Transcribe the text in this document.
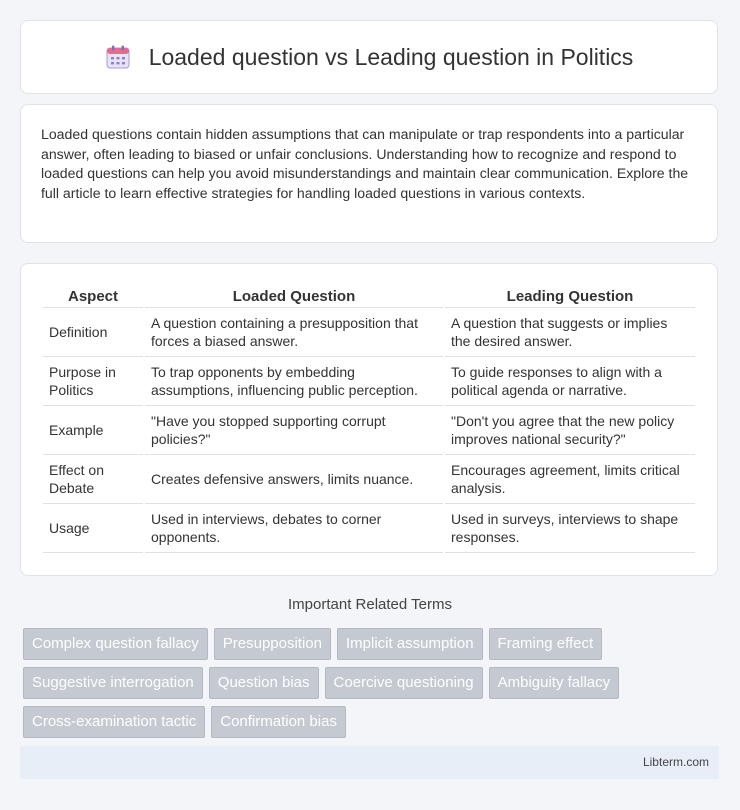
Loaded question vs Leading question in Politics

Loaded questions contain hidden assumptions that can manipulate or trap respondents into a particular answer, often leading to biased or unfair conclusions. Understanding how to recognize and respond to loaded questions can help you avoid misunderstandings and maintain clear communication. Explore the full article to learn effective strategies for handling loaded questions in various contexts.

Aspect	Loaded Question	Leading Question
Definition	A question containing a presupposition that forces a biased answer.	A question that suggests or implies the desired answer.
Purpose in Politics	To trap opponents by embedding assumptions, influencing public perception.	To guide responses to align with a political agenda or narrative.
Example	"Have you stopped supporting corrupt policies?"	"Don't you agree that the new policy improves national security?"
Effect on Debate	Creates defensive answers, limits nuance.	Encourages agreement, limits critical analysis.
Usage	Used in interviews, debates to corner opponents.	Used in surveys, interviews to shape responses.
Important Related Terms
Complex question fallacy	Presupposition	Implicit assumption	Framing effect
Suggestive interrogation	Question bias	Coercive questioning	Ambiguity fallacy
Cross-examination tactic	Confirmation bias
Libterm.com
